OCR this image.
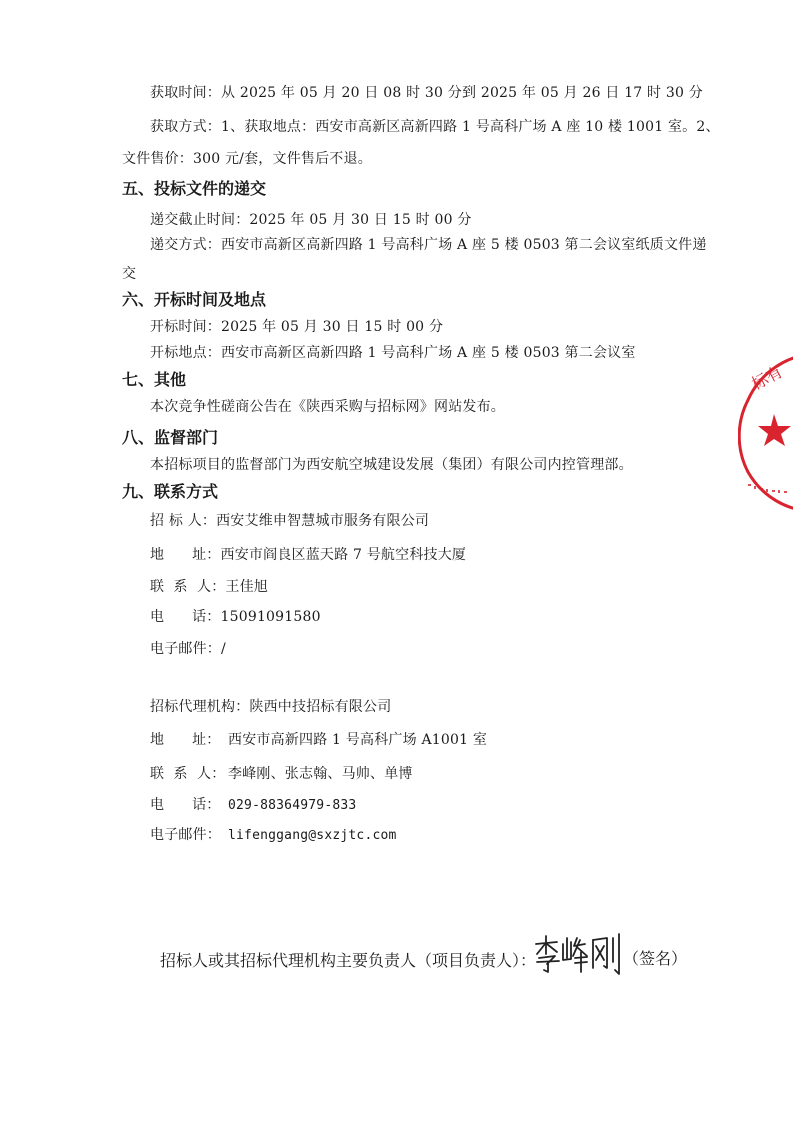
获取时间：从 2025 年 05 月 20 日 08 时 30 分到 2025 年 05 月 26 日 17 时 30 分
获取方式：1、获取地点：西安市高新区高新四路 1 号高科广场 A 座 10 楼 1001 室。2、
文件售价：300 元/套，文件售后不退。
五、投标文件的递交
递交截止时间：2025 年 05 月 30 日 15 时 00 分
递交方式：西安市高新区高新四路 1 号高科广场 A 座 5 楼 0503 第二会议室纸质文件递
交
六、开标时间及地点
开标时间：2025 年 05 月 30 日 15 时 00 分
开标地点：西安市高新区高新四路 1 号高科广场 A 座 5 楼 0503 第二会议室
七、其他
本次竞争性磋商公告在《陕西采购与招标网》网站发布。
八、监督部门
本招标项目的监督部门为西安航空城建设发展（集团）有限公司内控管理部。
九、联系方式
招 标 人：西安艾维申智慧城市服务有限公司
地      址：西安市阎良区蓝天路 7 号航空科技大厦
联  系  人：王佳旭
电      话：15091091580
电子邮件：/
招标代理机构：陕西中技招标有限公司
地      址： 西安市高新四路 1 号高科广场 A1001 室
联  系  人： 李峰刚、张志翰、马帅、单博
电      话： 029-88364979-833
电子邮件： lifenggang@sxzjtc.com
招标人或其招标代理机构主要负责人（项目负责人）：	（签名）
标有
